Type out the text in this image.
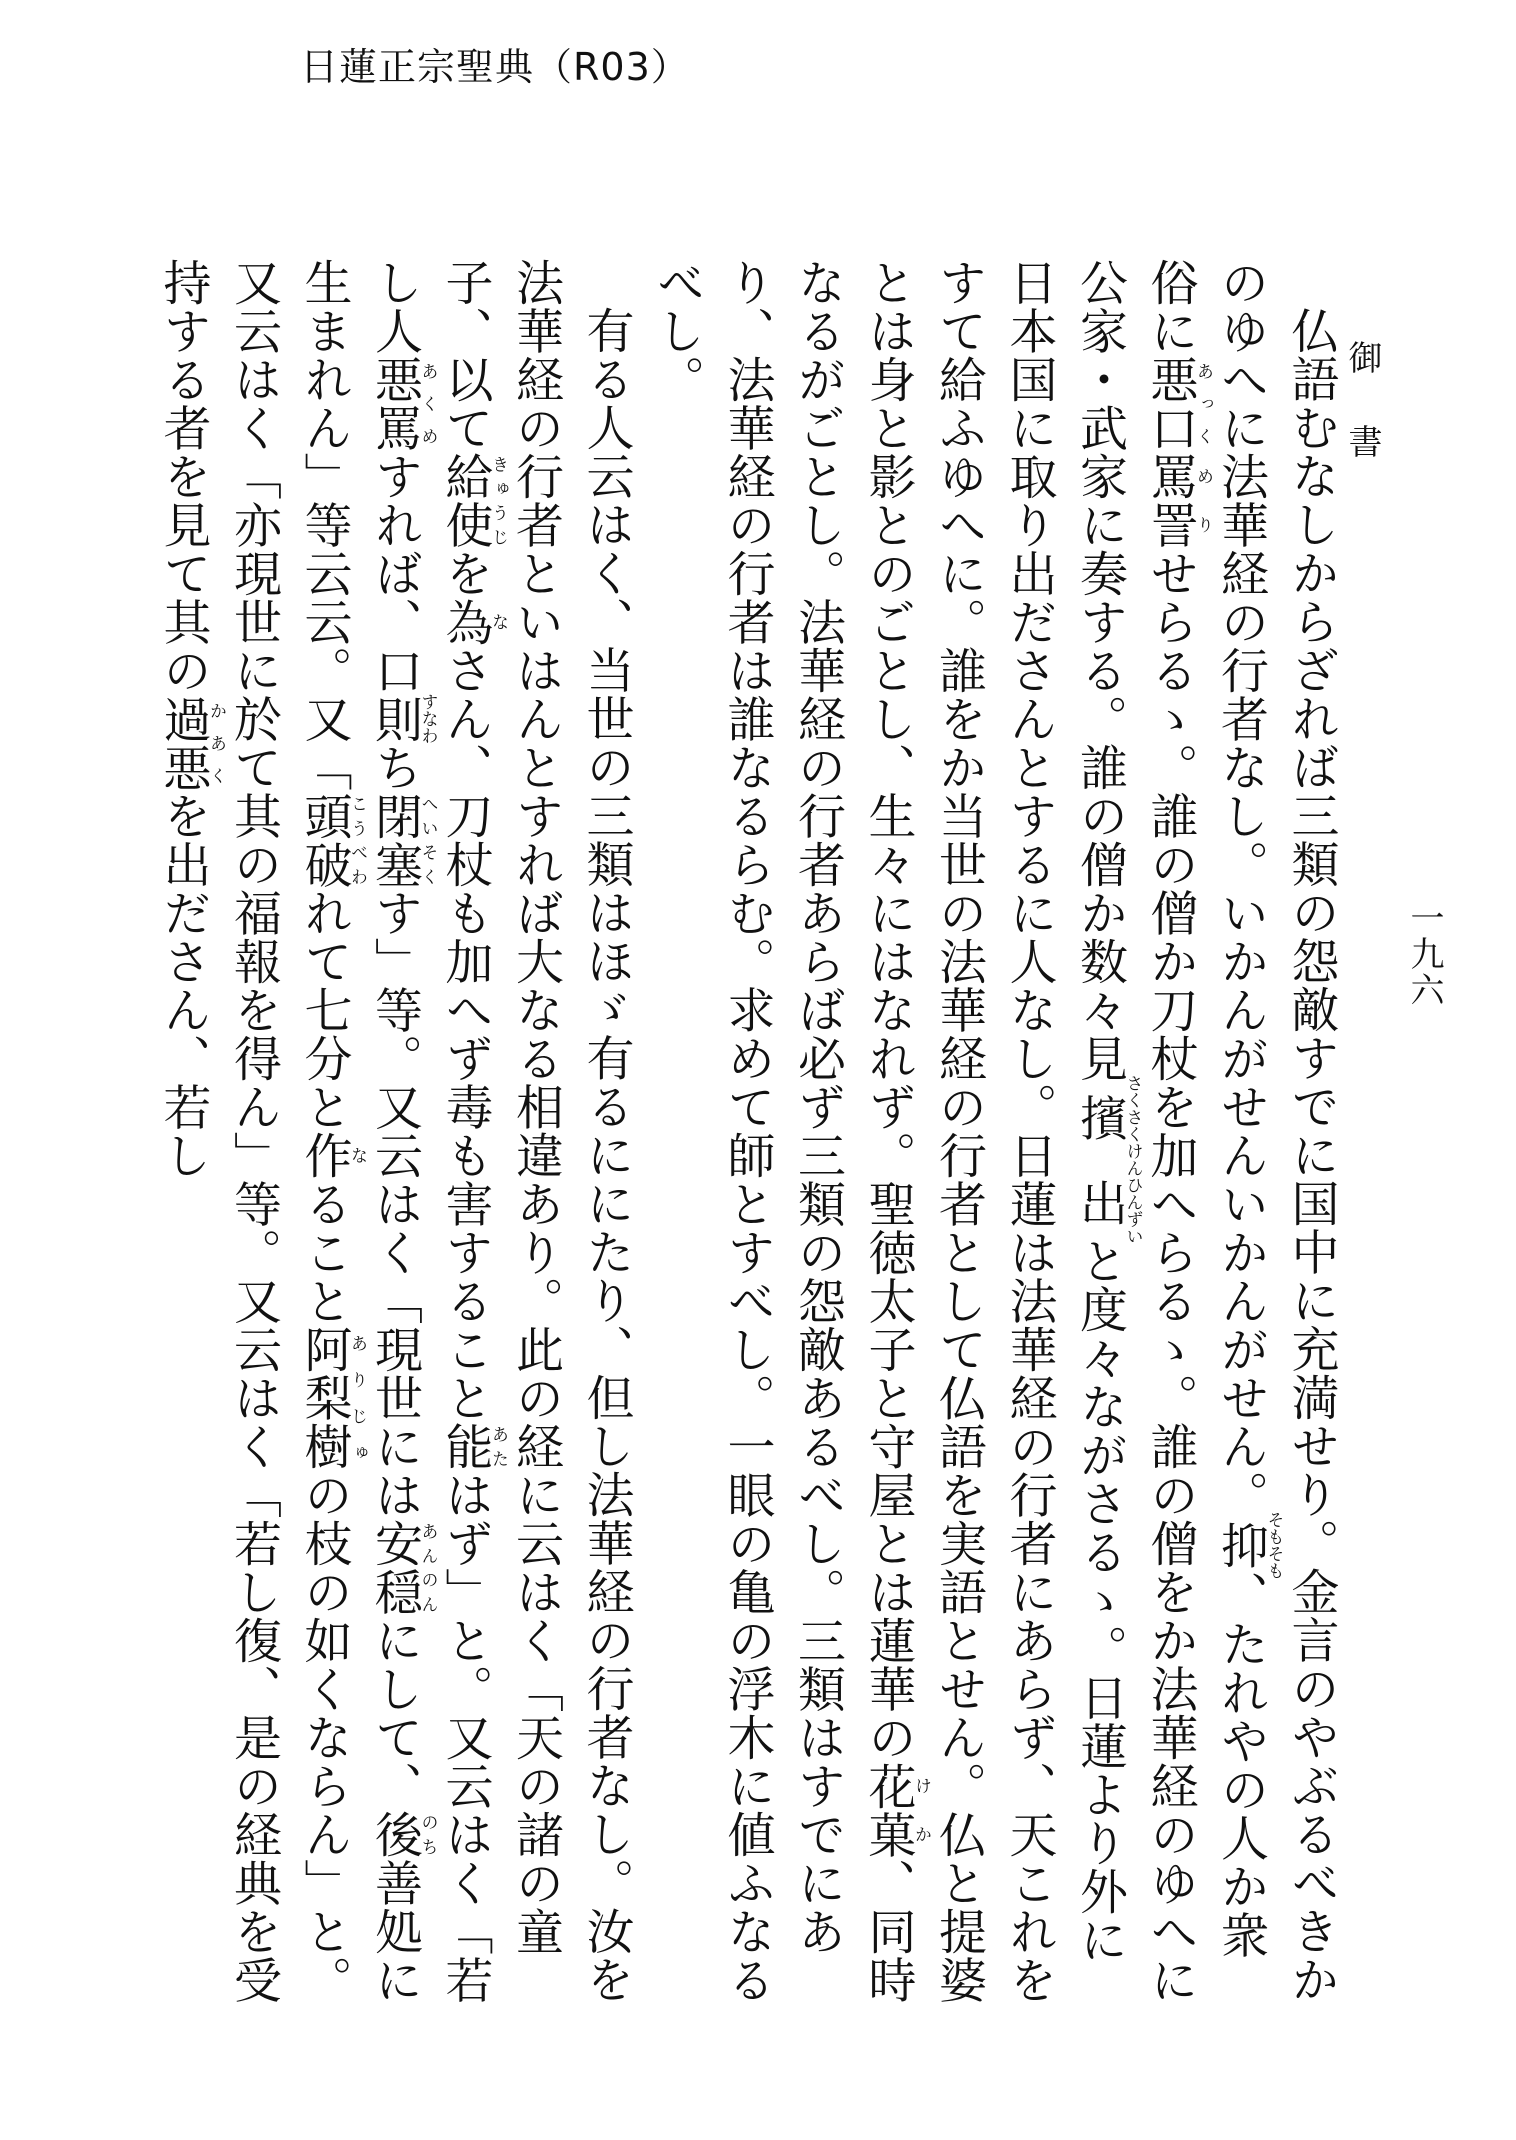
日蓮正宗聖典（R03）
御書
一九六

仏語むなしからざれば三類の怨敵すでに国中に充満せり。金言のやぶるべきかのゆへに法華経の行者なし。いかんがせんいかんがせん。抑そもそも、たれやの人か衆俗に悪口あっく罵詈めりせらるゝ。誰の僧か刀杖を加へらるゝ。誰の僧をか法華経のゆへに公家・武家に奏する。誰の僧か数々見擯出さくさくけんひんずいと度々ながさるゝ。日蓮より外に日本国に取り出ださんとするに人なし。日蓮は法華経の行者にあらず、天これをすて給ふゆへに。誰をか当世の法華経の行者として仏語を実語とせん。仏と提婆とは身と影とのごとし、生々にはなれず。聖徳太子と守屋とは蓮華の花菓けか、同時なるがごとし。法華経の行者あらば必ず三類の怨敵あるべし。三類はすでにあり、法華経の行者は誰なるらむ。求めて師とすべし。一眼の亀の浮木に値ふなるべし。

有る人云はく、当世の三類はほゞ有るににたり、但し法華経の行者なし。汝を法華経の行者といはんとすれば大なる相違あり。此の経に云はく「天の諸の童子、以て給使きゅうじを為なさん、刀杖も加へず毒も害すること能あたはず」と。又云はく「若し人悪罵あくめすれば、口則すなわち閉塞へいそくす」等。又云はく「現世には安穏あんのんにして、後のち善処に生まれん」等云云。又「頭破こうべわれて七分と作なること阿梨樹ありじゅの枝の如くならん」と。又云はく「亦現世に於て其の福報を得ん」等。又云はく「若し復、是の経典を受持する者を見て其の過悪かあくを出ださん、若し
